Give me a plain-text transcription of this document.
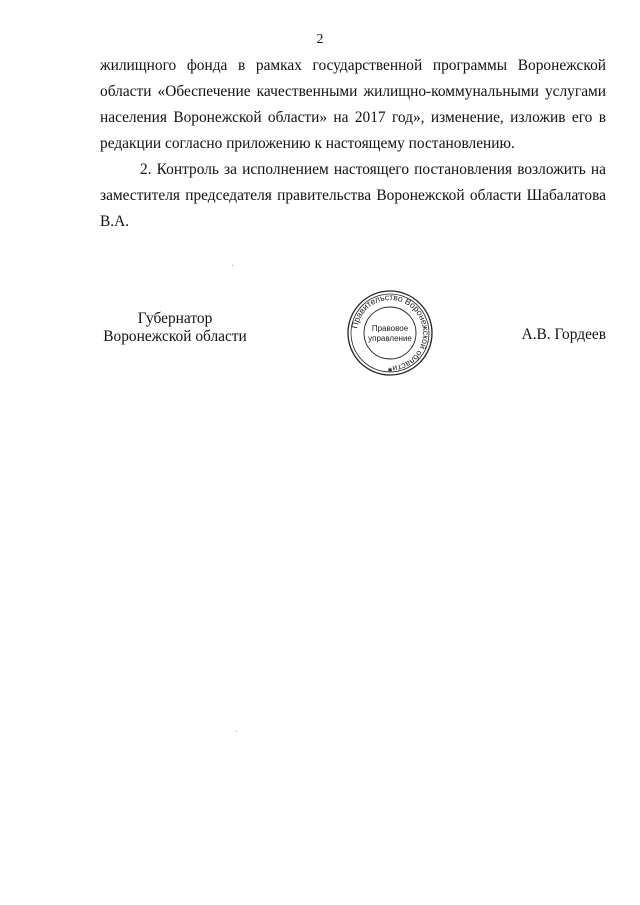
2
жилищного фонда в рамках государственной программы Воронежской
области «Обеспечение качественными жилищно-коммунальными услугами
населения Воронежской области» на 2017 год», изменение, изложив его в
редакции согласно приложению к настоящему постановлению.
2. Контроль за исполнением настоящего постановления возложить на
заместителя председателя правительства Воронежской области Шабалатова
В.А.
Губернатор
Воронежской области
Правительство Воронежской области
Правовое
управление
✱
А.В. Гордеев
